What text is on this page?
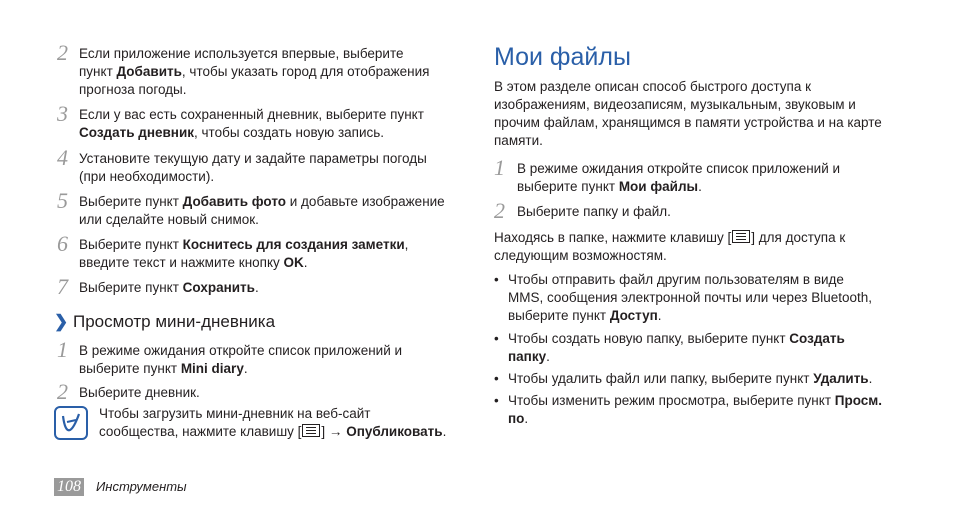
2 Если приложение используется впервые, выберите
пункт Добавить, чтобы указать город для отображения
прогноза погоды.
3 Если у вас есть сохраненный дневник, выберите пункт
Создать дневник, чтобы создать новую запись.
4 Установите текущую дату и задайте параметры погоды
(при необходимости).
5 Выберите пункт Добавить фото и добавьте изображение
или сделайте новый снимок.
6 Выберите пункт Коснитесь для создания заметки,
введите текст и нажмите кнопку OK.
7 Выберите пункт Сохранить.
❯ Просмотр мини-дневника
1 В режиме ожидания откройте список приложений и
выберите пункт Mini diary.
2 Выберите дневник.
Чтобы загрузить мини-дневник на веб-сайт
сообщества, нажмите клавишу [ ] → Опубликовать.
Мои файлы
В этом разделе описан способ быстрого доступа к
изображениям, видеозаписям, музыкальным, звуковым и
прочим файлам, хранящимся в памяти устройства и на карте
памяти.
1 В режиме ожидания откройте список приложений и
выберите пункт Мои файлы.
2 Выберите папку и файл.
Находясь в папке, нажмите клавишу [ ] для доступа к
следующим возможностям.
• Чтобы отправить файл другим пользователям в виде
MMS, сообщения электронной почты или через Bluetooth,
выберите пункт Доступ.
• Чтобы создать новую папку, выберите пункт Создать
папку.
• Чтобы удалить файл или папку, выберите пункт Удалить.
• Чтобы изменить режим просмотра, выберите пункт Просм.
по.
108 Инструменты
